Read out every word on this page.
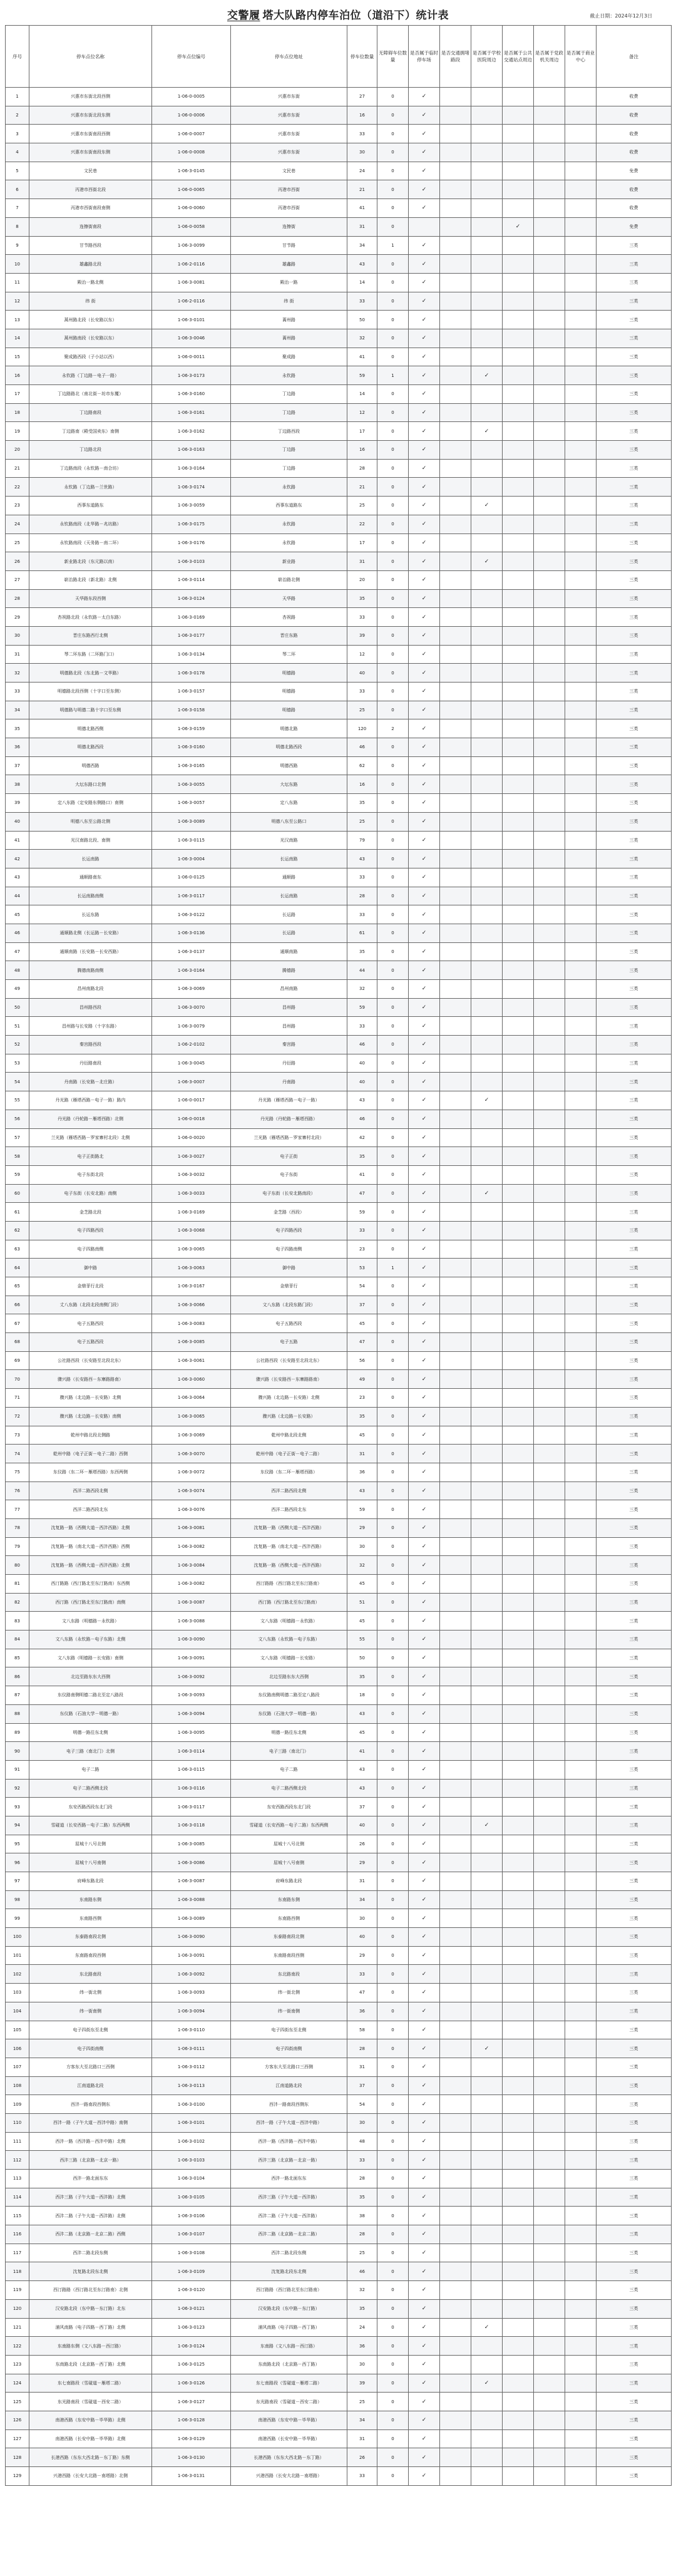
交警履 塔大队路内停车泊位（道沿下）统计表	截止日期：2024年12月3日
序号	停车点位名称	停车点位编号	停车点位地址	停车位数量	无障碍车位数量	是否属于临时停车场	是否交通拥堵路段	是否属于学校医院周边	是否属于公共交通站点周边	是否属于党政机关周边	是否属于商业中心	备注
1	兴惠市东街北段西侧	1-06-0-0005	兴惠市东街	27	0	✓						收费
2	兴惠市东街北段东侧	1-06-0-0006	兴惠市东街	16	0	✓						收费
3	兴惠市东街南段西侧	1-06-0-0007	兴惠市东街	33	0	✓						收费
4	兴惠市东街南段东侧	1-06-0-0008	兴惠市东街	30	0	✓						收费
5	文民巷	1-06-3-0145	文民巷	24	0	✓						免费
6	丙港市西街北段	1-06-0-0065	丙港市西街	21	0	✓						收费
7	丙港市西街南段南侧	1-06-0-0060	丙港市西街	41	0	✓						收费
8	连擦街南段	1-06-0-0058	连擦街	31	0				✓			免费
9	甘节路西段	1-06-3-0099	甘节路	34	1	✓						三类
10	雄鑫路北段	1-06-2-0116	雄鑫路	43	0	✓						三类
11	殿治一路北侧	1-06-3-0081	殿治一路	14	0	✓						三类
12	纬 街	1-06-2-0116	纬 街	33	0	✓						三类
13	蒿州路北段（长安路以东）	1-06-3-0101	蒿州路	50	0	✓						三类
14	蒿州路南段（长安路以东）	1-06-3-0046	蒿州路	32	0	✓						三类
15	聚成路西段（子小站以西）	1-06-0-0011	聚成路	41	0	✓						三类
16	永钦路（丁边路－电子一路）	1-06-3-0173	永钦路	59	1	✓		✓				三类
17	丁边路路北（南北街－坊市东覆）	1-06-3-0160	丁边路	14	0	✓						三类
18	丁边路南段	1-06-3-0161	丁边路	12	0	✓						三类
19	丁边路南（殿受国卖东）南侧	1-06-3-0162	丁边路西段	17	0	✓		✓				三类
20	丁边路北段	1-06-3-0163	丁边路	16	0	✓						三类
21	丁边路南段（永钦路－南合坊）	1-06-3-0164	丁边路	28	0	✓						三类
22	永钦路（丁边路－兰世路）	1-06-3-0174	永钦路	21	0	✓						三类
23	西事东道路东	1-06-3-0059	西事东道路东	25	0	✓		✓				三类
24	永钦路南段（北华路－兆坊路）	1-06-3-0175	永钦路	22	0	✓						三类
25	永钦路南段（天务路－南二环）	1-06-3-0176	永钦路	17	0	✓						三类
26	新业路北段（东元路以南）	1-06-3-0103	新业路	31	0	✓		✓				三类
27	崭治路北段（新北路）北侧	1-06-3-0114	崭治路北侧	20	0	✓						三类
28	天华路东段西侧	1-06-3-0124	天华路	35	0	✓						三类
29	杏祝路北段（永钦路－太白东路）	1-06-3-0169	杏祝路	33	0	✓						三类
30	晋庄东路西行北侧	1-06-3-0177	晋庄东路	39	0	✓						三类
31	琴二环东路（二环路门口）	1-06-3-0134	琴二环	12	0	✓						三类
32	明德路北段（东北路－文华路）	1-06-3-0178	明德路	40	0	✓						三类
33	明德路北段西侧（十字口至东侧）	1-06-3-0157	明德路	33	0	✓						三类
34	明德路与明德二路十字口至东侧	1-06-3-0158	明德路	25	0	✓						三类
35	明德北路西侧	1-06-3-0159	明德北路	120	2	✓						三类
36	明德北路西段	1-06-3-0160	明德北路西段	46	0	✓						三类
37	明德西路	1-06-3-0165	明德西路	62	0	✓						三类
38	大坛东路口北侧	1-06-3-0055	大坛东路	16	0	✓						三类
39	定八东路（定安路东侧路口）南侧	1-06-3-0057	定八东路	35	0	✓						三类
40	明德八东至公路北侧	1-06-3-0089	明德八东至公路口	25	0	✓						三类
41	光汉南路北段、南侧	1-06-3-0115	光汉南路	79	0	✓						三类
42	长运南路	1-06-3-0004	长运南路	43	0	✓						三类
43	通顺路南东	1-06-0-0125	通顺路	33	0	✓						三类
44	长运南路南侧	1-06-3-0117	长运南路	28	0	✓						三类
45	长运东路	1-06-3-0122	长运路	33	0	✓						三类
46	通顺路北侧（长运路－长安路）	1-06-3-0136	长运路	61	0	✓						三类
47	通顺南路（长安路－长安西路）	1-06-3-0137	通顺南路	35	0	✓						三类
48	腾德南路南侧	1-06-3-0164	腾德路	44	0	✓						三类
49	昌州南路北段	1-06-3-0069	昌州南路	32	0	✓						三类
50	昌州路西段	1-06-3-0070	昌州路	59	0	✓						三类
51	昌州路与长安路（十字东路）	1-06-3-0079	昌州路	33	0	✓						三类
52	秦宫路西段	1-06-2-0102	秦宫路	46	0	✓						三类
53	丹衍路南段	1-06-3-0045	丹衍路	40	0	✓						三类
54	丹南路（长安路－北庄路）	1-06-3-0007	丹南路	40	0	✓						三类
55	丹光路（雁塔西路－电子一路）路内	1-06-0-0017	丹光路（雁塔西路－电子一路）	43	0	✓		✓				三类
56	丹光路（丹轮路－雁塔西路）北侧	1-06-0-0018	丹光路（丹轮路－雁塔西路）	46	0	✓						三类
57	兰光路（雁塔西路－罗家寨村北段）北侧	1-06-0-0020	兰光路（雁塔西路－罗家寨村北段）	42	0	✓						三类
58	电子正街路北	1-06-3-0027	电子正街	35	0	✓						三类
59	电子东街北段	1-06-3-0032	电子东街	41	0	✓						三类
60	电子东街（长安北路）南侧	1-06-3-0033	电子东街（长安北路南段）	47	0	✓		✓				三类
61	金芝路北段	1-06-3-0169	金芝路（西段）	59	0	✓						三类
62	电子四路西段	1-06-3-0068	电子四路西段	33	0	✓						三类
63	电子四路南侧	1-06-3-0065	电子四路南侧	23	0	✓						三类
64	御中路	1-06-3-0063	御中路	53	1	✓						三类
65	金鼎菲行北段	1-06-3-0167	金鼎菲行	54	0	✓						三类
66	丈八东路（北段北段南侧门段）	1-06-3-0066	文八东路（北段东路门段）	37	0	✓						三类
67	电子五路西段	1-06-3-0083	电子五路西段	45	0	✓						三类
68	电子五路西段	1-06-3-0085	电子五路	47	0	✓						三类
69	公社路西段（长安路至北段北东）	1-06-3-0061	公社路西段（长安路至北段北东）	56	0	✓						三类
70	骤兴路（长安路西－东寨路路南）	1-06-3-0060	骤兴路（长安路西－东寨路路南）	49	0	✓						三类
71	骤兴路（北边路－长安路）北侧	1-06-3-0064	骤兴路（北边路－长安路）北侧	23	0	✓						三类
72	骤兴路（北边路－长安路）南侧	1-06-3-0065	骤兴路（北边路－长安路）	35	0	✓						三类
73	乾州中路北段北侧路	1-06-3-0069	乾州中路北段北侧	45	0	✓						三类
74	乾州中路（电子正街－电子二路）西侧	1-06-3-0070	乾州中路（电子正街－电子二路）	31	0	✓						三类
75	东仪路（东二环－雁塔西路）东西两侧	1-06-3-0072	东仪路（东二环－雁塔西路）	36	0	✓						三类
76	西洋二路西段北侧	1-06-3-0074	西洋二路西段北侧	43	0	✓						三类
77	西洋二路西段北东	1-06-3-0076	西洋二路西段北东	59	0	✓						三类
78	沈复路一路（西侧大道－西沣西路）北侧	1-06-3-0081	沈复路一路（西侧大道－西沣西路）	29	0	✓						三类
79	沈复路一路（南北大道－西沣西路）西侧	1-06-3-0082	沈复路一路（南北大道－西沣西路）	30	0	✓						三类
80	沈复路一路（西侧大道－西沣西路）北侧	1-06-3-0084	沈复路一路（西侧大道－西沣西路）	32	0	✓						三类
81	西汀路路（西汀路北至东汀路南）东西侧	1-06-3-0082	西汀路路（西汀路北至东汀路南）	45	0	✓						三类
82	西汀路（西汀路北至东汀路南）南侧	1-06-3-0087	西汀路（西汀路北至东汀路南）	51	0	✓						三类
83	文八东路（明德路－永钦路）	1-06-3-0088	文八东路（明德路－永钦路）	45	0	✓						三类
84	文八东路（永钦路－电子东路）北侧	1-06-3-0090	文八东路（永钦路－电子东路）	55	0	✓						三类
85	文八东路（明德路－长安路）南侧	1-06-3-0091	文八东路（明德路－长安路）	50	0	✓						三类
86	北边至路东东大西侧	1-06-3-0092	北边至路东东大西侧	35	0	✓						三类
87	东仪路南侧明德二路北至定八路段	1-06-3-0093	东仪路南侧明德二路至定八路段	18	0	✓						三类
88	东仪路（石油大学－明德一路）	1-06-3-0094	东仪路（石油大学－明德一路）	43	0	✓						三类
89	明德一路往东北侧	1-06-3-0095	明德一路往东北侧	45	0	✓						三类
90	电子三路（南北门）北侧	1-06-3-0114	电子三路（南北门）	41	0	✓						三类
91	电子二路	1-06-3-0115	电子二路	43	0	✓						三类
92	电子二路西侧北段	1-06-3-0116	电子二路西侧北段	43	0	✓						三类
93	东安西路西段东北门段	1-06-3-0117	东安西路西段东北门段	37	0	✓						三类
94	雪碰道（长安西路－电子二路）东西两侧	1-06-3-0118	雪碰道（长安西路－电子二路）东西两侧	40	0	✓		✓				三类
95	屈城十八号北侧	1-06-3-0085	屈城十八号北侧	26	0	✓						三类
96	屈城十八号南侧	1-06-3-0086	屈城十八号南侧	29	0	✓						三类
97	府峰东路北段	1-06-3-0087	府峰东路北段	31	0	✓						三类
98	东南路东侧	1-06-3-0088	东南路东侧	34	0	✓						三类
99	东南路西侧	1-06-3-0089	东南路西侧	30	0	✓						三类
100	东泰路南段北侧	1-06-3-0090	东泰路南段北侧	40	0	✓						三类
101	东南路南段西侧	1-06-3-0091	东南路南段西侧	29	0	✓						三类
102	东北路南段	1-06-3-0092	东北路南段	33	0	✓						三类
103	纬一街北侧	1-06-3-0093	纬一街北侧	47	0	✓						三类
104	纬一街南侧	1-06-3-0094	纬一街南侧	36	0	✓						三类
105	电子四街东至北侧	1-06-3-0110	电子四街东至北侧	58	0	✓						三类
106	电子四街南侧	1-06-3-0111	电子四街南侧	28	0	✓		✓				三类
107	方客东大至北路口三西侧	1-06-3-0112	方客东大至北路口三西侧	31	0	✓						三类
108	江南道路北段	1-06-3-0113	江南道路北段	37	0	✓						三类
109	西沣一路南段西侧东	1-06-3-0100	西沣一路南段西侧东	54	0	✓						三类
110	西沣一路（子午大道－西沣中路）南侧	1-06-3-0101	西沣一路（子午大道－西沣中路）	30	0	✓						三类
111	西沣一路（西沣路－西沣中路）北侧	1-06-3-0102	西沣一路（西沣路－西沣中路）	48	0	✓						三类
112	西沣三路（北京路－北京一路）	1-06-3-0103	西沣三路（北京路－北京一路）	33	0	✓						三类
113	西沣一路北面东东	1-06-3-0104	西沣一路北面东东	28	0	✓						三类
114	西沣三路（子午大道－西沣路）北侧	1-06-3-0105	西沣三路（子午大道－西沣路）	35	0	✓						三类
115	西沣二路（子午大道－西沣路）北侧	1-06-3-0106	西沣二路（子午大道－西沣路）	38	0	✓						三类
116	西沣二路（北京路－北京二路）西侧	1-06-3-0107	西沣二路（北京路－北京二路）	28	0	✓						三类
117	西沣二路北段东侧	1-06-3-0108	西沣二路北段东侧	25	0	✓						三类
118	沈复路北段东北侧	1-06-3-0109	沈复路北段东北侧	46	0	✓						三类
119	西汀路路（西汀路北至东汀路南）北侧	1-06-3-0120	西汀路路（西汀路北至东汀路南）	32	0	✓						三类
120	汉安路北段（东中路－东汀路）北东	1-06-3-0121	汉安路北段（东中路－东汀路）	35	0	✓						三类
121	浦风南路（电子四路－西丁路）北侧	1-06-3-0123	浦风南路（电子四路－西丁路）	24	0	✓		✓				三类
122	东南路东侧（文八东路－西汀路）	1-06-3-0124	东南路（文八东路－西汀路）	36	0	✓						三类
123	东南路北段（北京路－西丁路）北侧	1-06-3-0125	东南路北段（北京路－西丁路）	30	0	✓						三类
124	东七南路段（雪碰道－雁塔二路）	1-06-3-0126	东七南路段（雪碰道－雁塔二路）	39	0	✓		✓				三类
125	东光路南段（雪碰道－西安二路）	1-06-3-0127	东光路南段（雪碰道－西安二路）	25	0	✓						三类
126	南港西路（东安中路－毕华路）北侧	1-06-3-0128	南港西路（东安中路－毕华路）	34	0	✓						三类
127	南港西路（长安中路－毕华路）北侧	1-06-3-0129	南港西路（长安中路－毕华路）	31	0	✓						三类
128	长港西路（东东大西北路－东丁路）东侧	1-06-3-0130	长港西路（东东大西北路－东丁路）	26	0	✓						三类
129	兴港西路（长安大北路－南塔路）北侧	1-06-3-0131	兴港西路（长安大北路－南塔路）	33	0	✓						三类
